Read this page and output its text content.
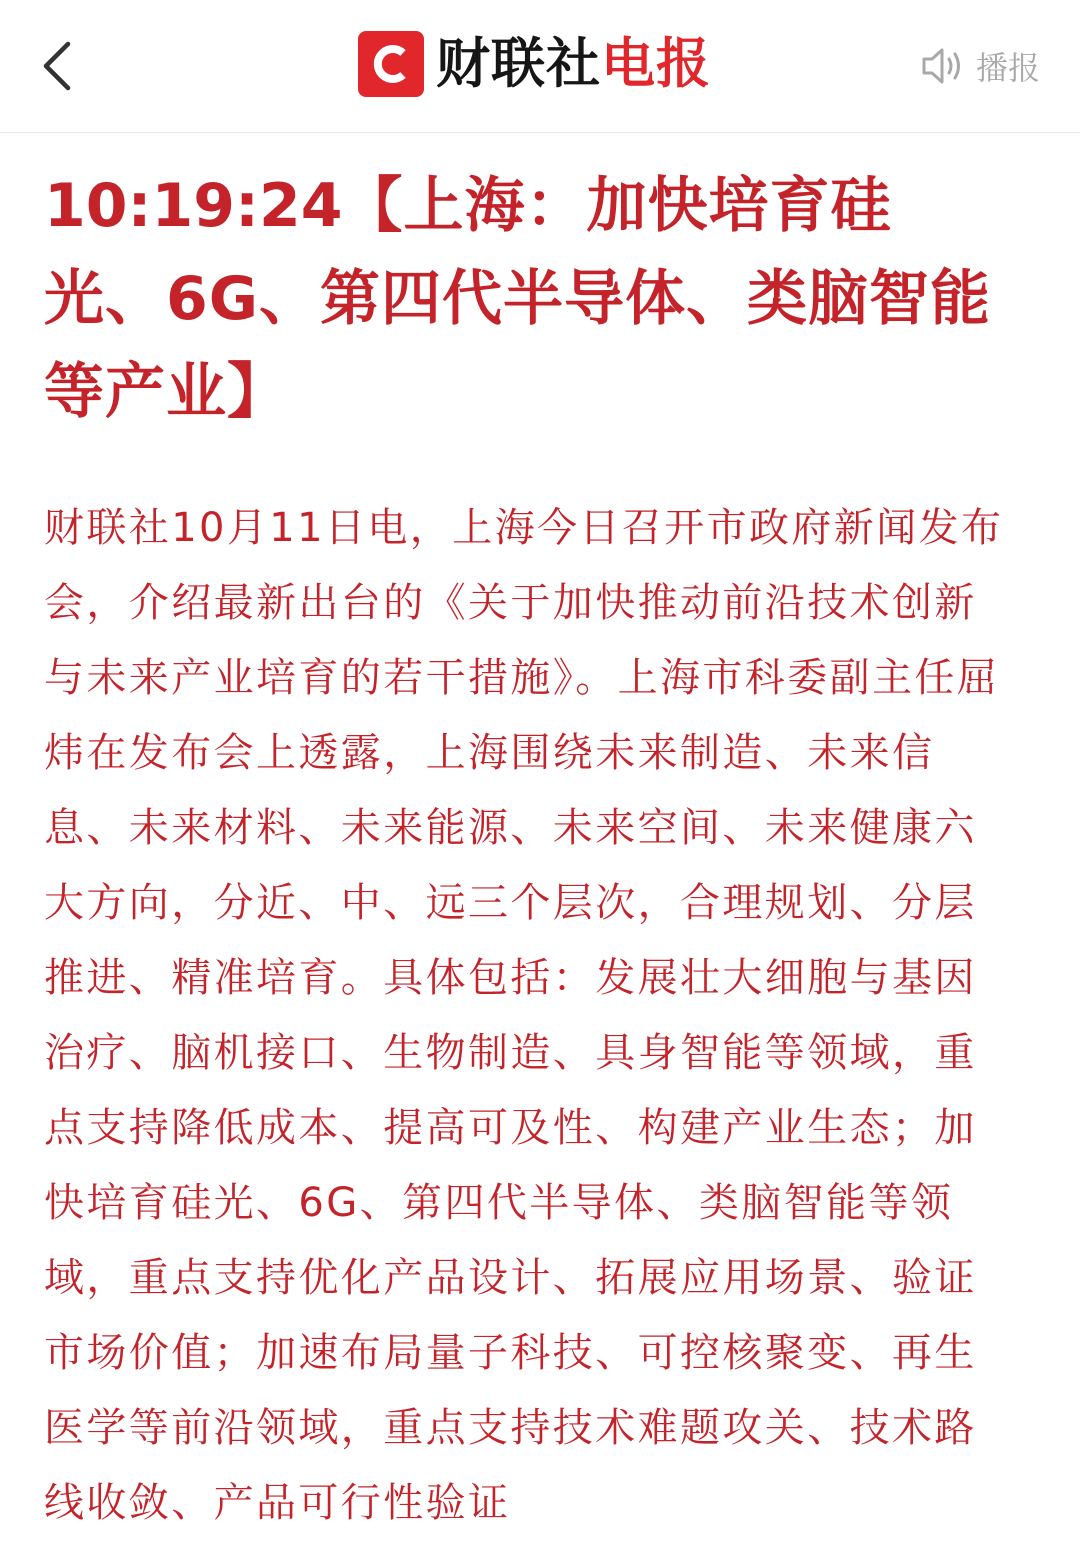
财联社电报	播报
10:19:24【上海：加快培育硅光、6G、第四代半导体、类脑智能等产业】

财联社10月11日电，上海今日召开市政府新闻发布会，介绍最新出台的《关于加快推动前沿技术创新与未来产业培育的若干措施》。上海市科委副主任屈炜在发布会上透露，上海围绕未来制造、未来信息、未来材料、未来能源、未来空间、未来健康六大方向，分近、中、远三个层次，合理规划、分层推进、精准培育。具体包括：发展壮大细胞与基因治疗、脑机接口、生物制造、具身智能等领域，重点支持降低成本、提高可及性、构建产业生态；加快培育硅光、6G、第四代半导体、类脑智能等领域，重点支持优化产品设计、拓展应用场景、验证市场价值；加速布局量子科技、可控核聚变、再生医学等前沿领域，重点支持技术难题攻关、技术路线收敛、产品可行性验证
